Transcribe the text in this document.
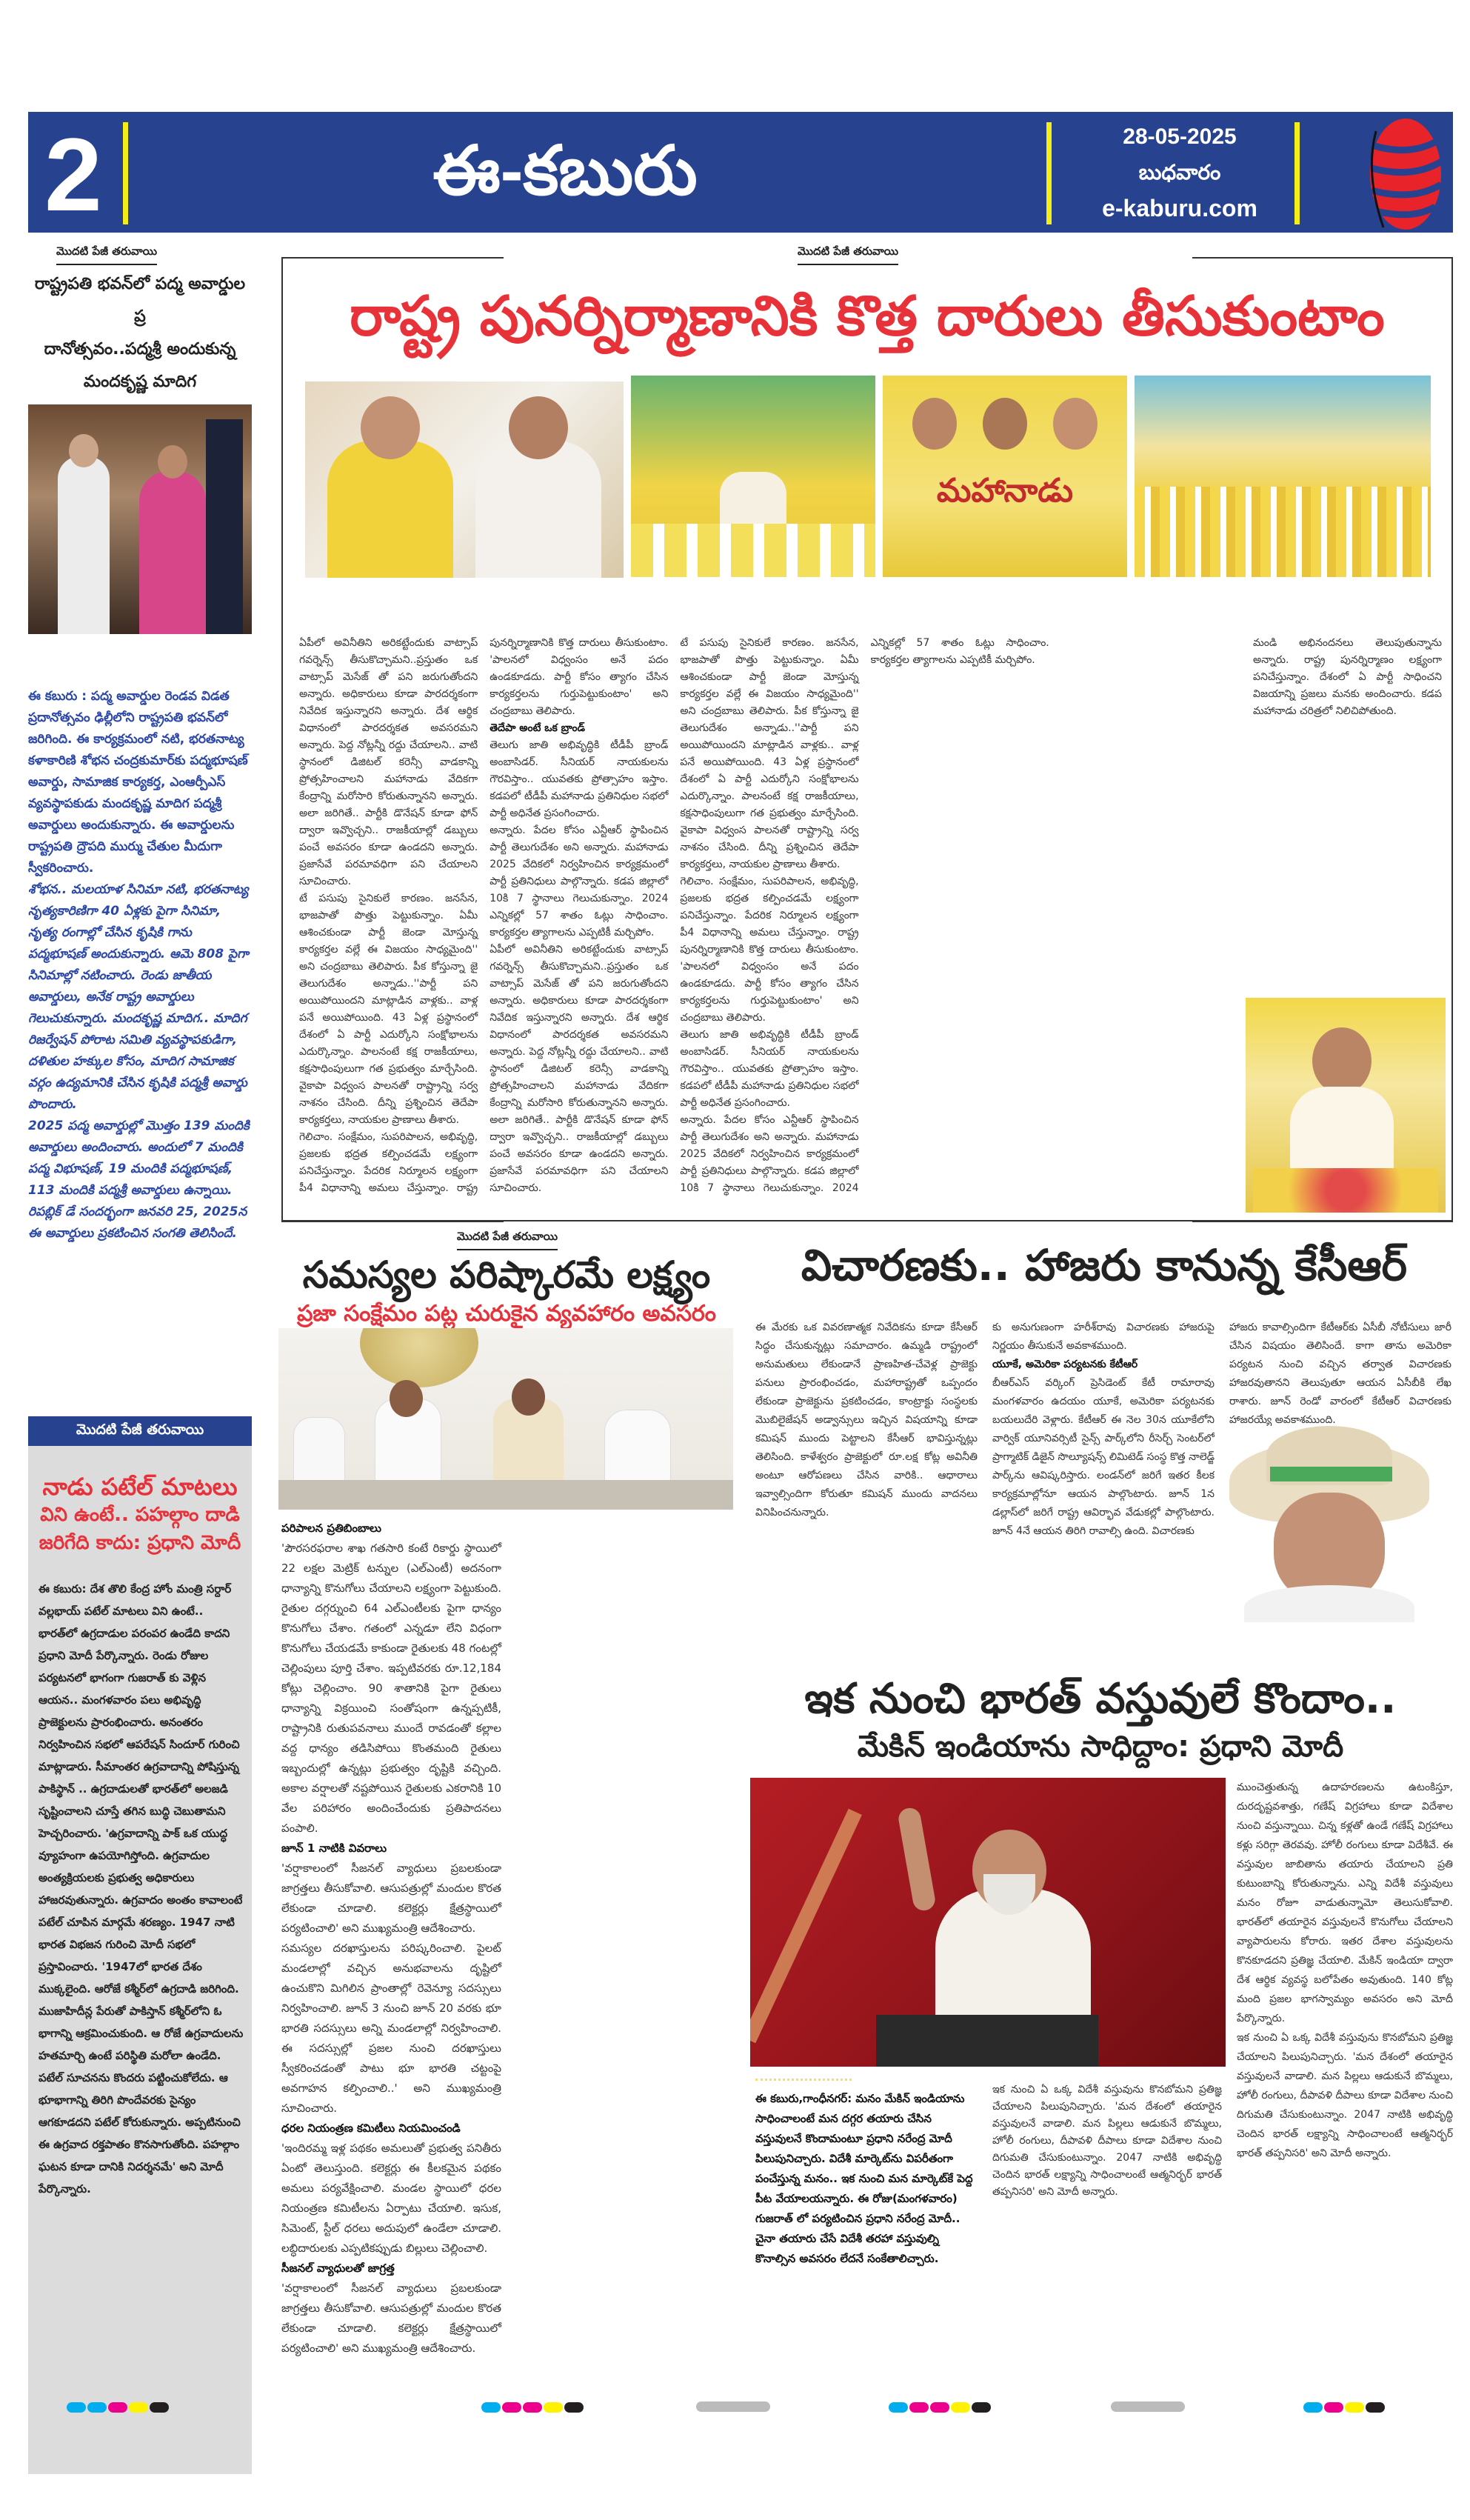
2	ఈ-కబురు	28-05-2025
బుధవారం
e-kaburu.com
మొదటి పేజీ తరువాయి
రాష్ట్రపతి భవన్‌లో పద్మ అవార్డుల ప్ర
దానోత్సవం..పద్మశ్రీ అందుకున్న
మందకృష్ణ మాదిగ

ఈ కబురు : పద్మ అవార్డుల రెండవ విడత ప్రదానోత్సవం ఢిల్లీలోని రాష్ట్రపతి భవన్‌లో జరిగింది. ఈ కార్యక్రమంలో నటి, భరతనాట్య కళాకారిణి శోభన చంద్రకుమార్‌కు పద్మభూషణ్ అవార్డు, సామాజిక కార్యకర్త, ఎంఆర్పీఎస్ వ్యవస్థాపకుడు మందకృష్ణ మాదిగ పద్మశ్రీ అవార్డులు అందుకున్నారు. ఈ అవార్డులను రాష్ట్రపతి ద్రౌపది ముర్ము చేతుల మీదుగా స్వీకరించారు.

శోభన.. మలయాళ సినిమా నటి, భరతనాట్య నృత్యకారిణిగా 40 ఏళ్లకు పైగా సినిమా, నృత్య రంగాల్లో చేసిన కృషికి గాను పద్మభూషణ్ అందుకున్నారు. ఆమె 808 పైగా సినిమాల్లో నటించారు. రెండు జాతీయ అవార్డులు, అనేక రాష్ట్ర అవార్డులు గెలుచుకున్నారు. మందకృష్ణ మాదిగ.. మాదిగ రిజర్వేషన్ పోరాట సమితి వ్యవస్థాపకుడిగా, దళితుల హక్కుల కోసం, మాదిగ సామాజిక వర్గం ఉద్యమానికి చేసిన కృషికి పద్మశ్రీ అవార్డు పొందారు.

2025 పద్మ అవార్డుల్లో మొత్తం 139 మందికి అవార్డులు అందించారు. అందులో 7 మందికి పద్మ విభూషణ్, 19 మందికి పద్మభూషణ్, 113 మందికి పద్మశ్రీ అవార్డులు ఉన్నాయి. రిపబ్లిక్ డే సందర్భంగా జనవరి 25, 2025న ఈ అవార్డులు ప్రకటించిన సంగతి తెలిసిందే.

మొదటి పేజీ తరువాయి
నాడు పటేల్ మాటలు
విని ఉంటే.. పహల్గాం దాడి
జరిగేది కాదు: ప్రధాని మోదీ
ఈ కబురు: దేశ తొలి కేంద్ర హోం మంత్రి సర్దార్ వల్లభాయ్ పటేల్ మాటలు విని ఉంటే.. భారత్‌లో ఉగ్రదాడుల పరంపర ఉండేది కాదని ప్రధాని మోదీ పేర్కొన్నారు. రెండు రోజుల పర్యటనలో భాగంగా గుజరాత్ కు వెళ్లిన ఆయన.. మంగళవారం పలు అభివృద్ధి ప్రాజెక్టులను ప్రారంభించారు. అనంతరం నిర్వహించిన సభలో ఆపరేషన్ సిందూర్ గురించి మాట్లాడారు. సీమాంతర ఉగ్రవాదాన్ని పోషిస్తున్న పాకిస్థాన్ .. ఉగ్రదాడులతో భారత్‌లో అలజడి సృష్టించాలని చూస్తే తగిన బుద్ధి చెబుతామని హెచ్చరించారు. 'ఉగ్రవాదాన్ని పాక్ ఒక యుద్ధ వ్యూహంగా ఉపయోగిస్తోంది. ఉగ్రవాదుల అంత్యక్రియలకు ప్రభుత్వ అధికారులు హాజరవుతున్నారు. ఉగ్రవాదం అంతం కావాలంటే పటేల్ చూపిన మార్గమే శరణ్యం. 1947 నాటి భారత విభజన గురించి మోదీ సభలో ప్రస్తావించారు. '1947లో భారత దేశం ముక్కలైంది. ఆరోజే కశ్మీర్‌లో ఉగ్రదాడి జరిగింది. ముజాహిదీన్ల పేరుతో పాకిస్తాన్ కశ్మీర్‌లోని ఓ భాగాన్ని ఆక్రమించుకుంది. ఆ రోజే ఉగ్రవాదులను హతమార్చి ఉంటే పరిస్థితి మరోలా ఉండేది. పటేల్ సూచనను కొందరు పట్టించుకోలేదు. ఆ భూభాగాన్ని తిరిగి పొందేవరకు సైన్యం ఆగకూడదని పటేల్ కోరుకున్నారు. అప్పటినుంచి ఈ ఉగ్రవాద రక్తపాతం కొనసాగుతోంది. పహల్గాం ఘటన కూడా దానికి నిదర్శనమే' అని మోదీ పేర్కొన్నారు.
మొదటి పేజీ తరువాయి
రాష్ట్ర పునర్నిర్మాణానికి కొత్త దారులు తీసుకుంటాం
మహానాడు

ఏపీలో అవినీతిని అరికట్టేందుకు వాట్సాప్ గవర్నెన్స్ తీసుకొచ్చామని..ప్రస్తుతం ఒక వాట్సాప్ మెసేజ్ తో పని జరుగుతోందని అన్నారు. అధికారులు కూడా పారదర్శకంగా నివేదిక ఇస్తున్నారని అన్నారు. దేశ ఆర్థిక విధానంలో పారదర్శకత అవసరమని అన్నారు. పెద్ద నోట్లన్నీ రద్దు చేయాలని.. వాటి స్థానంలో డిజిటల్ కరెన్సీ వాడకాన్ని ప్రోత్సహించాలని మహానాడు వేదికగా కేంద్రాన్ని మరోసారి కోరుతున్నానని అన్నారు. అలా జరిగితే.. పార్టీకి డొనేషన్ కూడా ఫోన్ ద్వారా ఇవ్వొచ్చని.. రాజకీయాల్లో డబ్బులు పంచే అవసరం కూడా ఉండదని అన్నారు. ప్రజాసేవే పరమావధిగా పని చేయాలని సూచించారు.

టే పసుపు సైనికులే కారణం. జనసేన, భాజపాతో పొత్తు పెట్టుకున్నాం. ఏమీ ఆశించకుండా పార్టీ జెండా మోస్తున్న కార్యకర్తల వల్లే ఈ విజయం సాధ్యమైంది'' అని చంద్రబాబు తెలిపారు. పీక కోస్తున్నా జై తెలుగుదేశం అన్నాడు..''పార్టీ పని అయిపోయిందని మాట్లాడిన వాళ్లకు.. వాళ్ల పనే అయిపోయింది. 43 ఏళ్ల ప్రస్థానంలో దేశంలో ఏ పార్టీ ఎదుర్కోని సంక్షోభాలను ఎదుర్కొన్నాం. పాలనంటే కక్ష రాజకీయాలు, కక్షసాధింపులుగా గత ప్రభుత్వం మార్చేసింది. వైకాపా విధ్వంస పాలనతో రాష్ట్రాన్ని సర్వ నాశనం చేసింది. దీన్ని ప్రశ్నించిన తెదేపా కార్యకర్తలు, నాయకుల ప్రాణాలు తీశారు.

గెలిచాం. సంక్షేమం, సుపరిపాలన, అభివృద్ధి, ప్రజలకు భద్రత కల్పించడమే లక్ష్యంగా పనిచేస్తున్నాం. పేదరిక నిర్మూలన లక్ష్యంగా పీ4 విధానాన్ని అమలు చేస్తున్నాం. రాష్ట్ర పునర్నిర్మాణానికి కొత్త దారులు తీసుకుంటాం. 'పాలనలో విధ్వంసం అనే పదం ఉండకూడదు. పార్టీ కోసం త్యాగం చేసిన కార్యకర్తలను గుర్తుపెట్టుకుంటాం' అని చంద్రబాబు తెలిపారు.

తెదేపా అంటే ఒక బ్రాండ్

తెలుగు జాతి అభివృద్ధికి టీడీపీ బ్రాండ్ అంబాసిడర్. సీనియర్ నాయకులను గౌరవిస్తాం.. యువతకు ప్రోత్సాహం ఇస్తాం. కడపలో టీడీపీ మహానాడు ప్రతినిధుల సభలో పార్టీ అధినేత ప్రసంగించారు.

అన్నారు. పేదల కోసం ఎన్టీఆర్ స్థాపించిన పార్టీ తెలుగుదేశం అని అన్నారు. మహానాడు 2025 వేదికలో నిర్వహించిన కార్యక్రమంలో పార్టీ ప్రతినిధులు పాల్గొన్నారు. కడప జిల్లాలో 10కి 7 స్థానాలు గెలుచుకున్నాం. 2024 ఎన్నికల్లో 57 శాతం ఓట్లు సాధించాం. కార్యకర్తల త్యాగాలను ఎప్పటికీ మర్చిపోం.

ఏపీలో అవినీతిని అరికట్టేందుకు వాట్సాప్ గవర్నెన్స్ తీసుకొచ్చామని..ప్రస్తుతం ఒక వాట్సాప్ మెసేజ్ తో పని జరుగుతోందని అన్నారు. అధికారులు కూడా పారదర్శకంగా నివేదిక ఇస్తున్నారని అన్నారు. దేశ ఆర్థిక విధానంలో పారదర్శకత అవసరమని అన్నారు. పెద్ద నోట్లన్నీ రద్దు చేయాలని.. వాటి స్థానంలో డిజిటల్ కరెన్సీ వాడకాన్ని ప్రోత్సహించాలని మహానాడు వేదికగా కేంద్రాన్ని మరోసారి కోరుతున్నానని అన్నారు. అలా జరిగితే.. పార్టీకి డొనేషన్ కూడా ఫోన్ ద్వారా ఇవ్వొచ్చని.. రాజకీయాల్లో డబ్బులు పంచే అవసరం కూడా ఉండదని అన్నారు. ప్రజాసేవే పరమావధిగా పని చేయాలని సూచించారు.

టే పసుపు సైనికులే కారణం. జనసేన, భాజపాతో పొత్తు పెట్టుకున్నాం. ఏమీ ఆశించకుండా పార్టీ జెండా మోస్తున్న కార్యకర్తల వల్లే ఈ విజయం సాధ్యమైంది'' అని చంద్రబాబు తెలిపారు. పీక కోస్తున్నా జై తెలుగుదేశం అన్నాడు..''పార్టీ పని అయిపోయిందని మాట్లాడిన వాళ్లకు.. వాళ్ల పనే అయిపోయింది. 43 ఏళ్ల ప్రస్థానంలో దేశంలో ఏ పార్టీ ఎదుర్కోని సంక్షోభాలను ఎదుర్కొన్నాం. పాలనంటే కక్ష రాజకీయాలు, కక్షసాధింపులుగా గత ప్రభుత్వం మార్చేసింది. వైకాపా విధ్వంస పాలనతో రాష్ట్రాన్ని సర్వ నాశనం చేసింది. దీన్ని ప్రశ్నించిన తెదేపా కార్యకర్తలు, నాయకుల ప్రాణాలు తీశారు.

గెలిచాం. సంక్షేమం, సుపరిపాలన, అభివృద్ధి, ప్రజలకు భద్రత కల్పించడమే లక్ష్యంగా పనిచేస్తున్నాం. పేదరిక నిర్మూలన లక్ష్యంగా పీ4 విధానాన్ని అమలు చేస్తున్నాం. రాష్ట్ర పునర్నిర్మాణానికి కొత్త దారులు తీసుకుంటాం. 'పాలనలో విధ్వంసం అనే పదం ఉండకూడదు. పార్టీ కోసం త్యాగం చేసిన కార్యకర్తలను గుర్తుపెట్టుకుంటాం' అని చంద్రబాబు తెలిపారు.

తెలుగు జాతి అభివృద్ధికి టీడీపీ బ్రాండ్ అంబాసిడర్. సీనియర్ నాయకులను గౌరవిస్తాం.. యువతకు ప్రోత్సాహం ఇస్తాం. కడపలో టీడీపీ మహానాడు ప్రతినిధుల సభలో పార్టీ అధినేత ప్రసంగించారు.

అన్నారు. పేదల కోసం ఎన్టీఆర్ స్థాపించిన పార్టీ తెలుగుదేశం అని అన్నారు. మహానాడు 2025 వేదికలో నిర్వహించిన కార్యక్రమంలో పార్టీ ప్రతినిధులు పాల్గొన్నారు. కడప జిల్లాలో 10కి 7 స్థానాలు గెలుచుకున్నాం. 2024 ఎన్నికల్లో 57 శాతం ఓట్లు సాధించాం. కార్యకర్తల త్యాగాలను ఎప్పటికీ మర్చిపోం.

మండి అభినందనలు తెలుపుతున్నాను అన్నారు. రాష్ట్ర పునర్నిర్మాణం లక్ష్యంగా పనిచేస్తున్నాం. దేశంలో ఏ పార్టీ సాధించని విజయాన్ని ప్రజలు మనకు అందించారు. కడప మహానాడు చరిత్రలో నిలిచిపోతుంది.
మొదటి పేజీ తరువాయి
సమస్యల పరిష్కారమే లక్ష్యం
ప్రజా సంక్షేమం పట్ల చురుకైన వ్యవహారం అవసరం

పరిపాలన ప్రతిబింబాలు

'పౌరసరఫరాల శాఖ గతసారి కంటే రికార్డు స్థాయిలో 22 లక్షల మెట్రిక్ టన్నుల (ఎల్ఎంటీ) అదనంగా ధాన్యాన్ని కొనుగోలు చేయాలని లక్ష్యంగా పెట్టుకుంది. రైతుల దగ్గర్నుంచి 64 ఎల్ఎంటీలకు పైగా ధాన్యం కొనుగోలు చేశాం. గతంలో ఎన్నడూ లేని విధంగా కొనుగోలు చేయడమే కాకుండా రైతులకు 48 గంటల్లో చెల్లింపులు పూర్తి చేశాం. ఇప్పటివరకు రూ.12,184 కోట్లు చెల్లించాం. 90 శాతానికి పైగా రైతులు ధాన్యాన్ని విక్రయించి సంతోషంగా ఉన్నప్పటికీ, రాష్ట్రానికి రుతుపవనాలు ముందే రావడంతో కల్లాల వద్ద ధాన్యం తడిసిపోయి కొంతమంది రైతులు ఇబ్బందుల్లో ఉన్నట్లు ప్రభుత్వం దృష్టికి వచ్చింది. అకాల వర్షాలతో నష్టపోయిన రైతులకు ఎకరానికి 10 వేల పరిహారం అందించేందుకు ప్రతిపాదనలు పంపాలి.

జూన్ 1 నాటికి వివరాలు

'వర్షాకాలంలో సీజనల్ వ్యాధులు ప్రబలకుండా జాగ్రత్తలు తీసుకోవాలి. ఆసుపత్రుల్లో మందుల కొరత లేకుండా చూడాలి. కలెక్టర్లు క్షేత్రస్థాయిలో పర్యటించాలి' అని ముఖ్యమంత్రి ఆదేశించారు.

సమస్యల దరఖాస్తులను పరిష్కరించాలి. పైలట్ మండలాల్లో వచ్చిన అనుభవాలను దృష్టిలో ఉంచుకొని మిగిలిన ప్రాంతాల్లో రెవెన్యూ సదస్సులు నిర్వహించాలి. జూన్ 3 నుంచి జూన్ 20 వరకు భూ భారతి సదస్సులు అన్ని మండలాల్లో నిర్వహించాలి. ఈ సదస్సుల్లో ప్రజల నుంచి దరఖాస్తులు స్వీకరించడంతో పాటు భూ భారతి చట్టంపై అవగాహన కల్పించాలి..' అని ముఖ్యమంత్రి సూచించారు.

ధరల నియంత్రణ కమిటీలు నియమించండి

'ఇందిరమ్మ ఇళ్ల పథకం అమలుతో ప్రభుత్వ పనితీరు ఏంటో తెలుస్తుంది. కలెక్టర్లు ఈ కీలకమైన పథకం అమలు పర్యవేక్షించాలి. మండల స్థాయిలో ధరల నియంత్రణ కమిటీలను ఏర్పాటు చేయాలి. ఇసుక, సిమెంట్, స్టీల్ ధరలు అదుపులో ఉండేలా చూడాలి. లబ్ధిదారులకు ఎప్పటికప్పుడు బిల్లులు చెల్లించాలి.

సీజనల్ వ్యాధులతో జాగ్రత్త

'వర్షాకాలంలో సీజనల్ వ్యాధులు ప్రబలకుండా జాగ్రత్తలు తీసుకోవాలి. ఆసుపత్రుల్లో మందుల కొరత లేకుండా చూడాలి. కలెక్టర్లు క్షేత్రస్థాయిలో పర్యటించాలి' అని ముఖ్యమంత్రి ఆదేశించారు.

విచారణకు.. హాజరు కానున్న కేసీఆర్
ఈ మేరకు ఒక వివరణాత్మక నివేదికను కూడా కేసీఆర్ సిద్ధం చేసుకున్నట్లు సమాచారం. ఉమ్మడి రాష్ట్రంలో అనుమతులు లేకుండానే ప్రాణహిత-చేవెళ్ల ప్రాజెక్టు పనులు ప్రారంభించడం, మహారాష్ట్రతో ఒప్పందం లేకుండా ప్రాజెక్టును ప్రకటించడం, కాంట్రాక్టు సంస్థలకు మొబిలైజేషన్ అడ్వాన్సులు ఇచ్చిన విషయాన్ని కూడా కమిషన్ ముందు పెట్టాలని కేసీఆర్ భావిస్తున్నట్లు తెలిసింది. కాళేశ్వరం ప్రాజెక్టులో రూ.లక్ష కోట్ల అవినీతి అంటూ ఆరోపణలు చేసిన వారికి.. ఆధారాలు ఇవ్వాల్సిందిగా కోరుతూ కమిషన్ ముందు వాదనలు వినిపించనున్నారు.

కు అనుగుణంగా హరీశ్‌రావు విచారణకు హాజరుపై నిర్ణయం తీసుకునే అవకాశముంది.

యూకే, అమెరికా పర్యటనకు కేటీఆర్

బీఆర్ఎస్ వర్కింగ్ ప్రెసిడెంట్ కేటీ రామారావు మంగళవారం ఉదయం యూకే, అమెరికా పర్యటనకు బయలుదేరి వెళ్లారు. కేటీఆర్ ఈ నెల 30న యూకేలోని వార్విక్ యూనివర్సిటీ సైన్స్ పార్క్‌లోని రీసెర్చ్ సెంటర్‌లో ప్రాగ్మాటిక్ డిజైన్ సొల్యూషన్స్ లిమిటెడ్ సంస్థ కొత్త నాలెడ్జ్ పార్క్‌ను ఆవిష్కరిస్తారు. లండన్‌లో జరిగే ఇతర కీలక కార్యక్రమాల్లోనూ ఆయన పాల్గొంటారు. జూన్ 1న డల్లాస్‌లో జరిగే రాష్ట్ర ఆవిర్భావ వేడుకల్లో పాల్గొంటారు. జూన్ 4నే ఆయన తిరిగి రావాల్సి ఉంది. విచారణకు

హాజరు కావాల్సిందిగా కేటీఆర్‌కు ఏసీబీ నోటీసులు జారీ చేసిన విషయం తెలిసిందే. కాగా తాను అమెరికా పర్యటన నుంచి వచ్చిన తర్వాత విచారణకు హాజరవుతానని తెలుపుతూ ఆయన ఏసీబీకి లేఖ రాశారు. జూన్ రెండో వారంలో కేటీఆర్ విచారణకు హాజరయ్యే అవకాశముంది.
ఇక నుంచి భారత్ వస్తువులే కొందాం..
మేకిన్ ఇండియాను సాధిద్దాం: ప్రధాని మోదీ
ఈ కబురు,గాంధీనగర్: మనం మేకిన్ ఇండియాను సాధించాలంటే మన దగ్గర తయారు చేసిన వస్తువులనే కొందామంటూ ప్రధాని నరేంద్ర మోదీ పిలుపునిచ్చారు. విదేశీ మార్కెట్‌ను విపరీతంగా పంచేస్తున్న మనం.. ఇక నుంచి మన మార్కెట్‌కే పెద్ద పీట వేయాలయన్నారు. ఈ రోజు(మంగళవారం) గుజరాత్ లో పర్యటించిన ప్రధాని నరేంద్ర మోదీ.. చైనా తయారు చేసే విదేశీ తరహా వస్తువుల్ని కొనాల్సిన అవసరం లేదనే సంకేతాలిచ్చారు.
ఇక నుంచి ఏ ఒక్క విదేశీ వస్తువును కొనబోమని ప్రతిజ్ఞ చేయాలని పిలుపునిచ్చారు. 'మన దేశంలో తయారైన వస్తువులనే వాడాలి. మన పిల్లలు ఆడుకునే బొమ్మలు, హోలీ రంగులు, దీపావళి దీపాలు కూడా విదేశాల నుంచి దిగుమతి చేసుకుంటున్నాం. 2047 నాటికి అభివృద్ధి చెందిన భారత్ లక్ష్యాన్ని సాధించాలంటే ఆత్మనిర్భర్ భారత్ తప్పనిసరి' అని మోదీ అన్నారు.

ముంచెత్తుతున్న ఉదాహరణలను ఉటంకిస్తూ, దురదృష్టవశాత్తు, గణేష్ విగ్రహాలు కూడా విదేశాల నుంచి వస్తున్నాయి. చిన్న కళ్లతో ఉండే గణేష్ విగ్రహాలు కళ్లు సరిగ్గా తెరవవు. హోలీ రంగులు కూడా విదేశీవే. ఈ వస్తువుల జాబితాను తయారు చేయాలని ప్రతి కుటుంబాన్ని కోరుతున్నాను. ఎన్ని విదేశీ వస్తువులు మనం రోజూ వాడుతున్నామో తెలుసుకోవాలి. భారత్‌లో తయారైన వస్తువులనే కొనుగోలు చేయాలని వ్యాపారులను కోరారు. ఇతర దేశాల వస్తువులను కొనకూడదని ప్రతిజ్ఞ చేయాలి. మేకిన్ ఇండియా ద్వారా దేశ ఆర్థిక వ్యవస్థ బలోపేతం అవుతుంది. 140 కోట్ల మంది ప్రజల భాగస్వామ్యం అవసరం అని మోదీ పేర్కొన్నారు.

ఇక నుంచి ఏ ఒక్క విదేశీ వస్తువును కొనబోమని ప్రతిజ్ఞ చేయాలని పిలుపునిచ్చారు. 'మన దేశంలో తయారైన వస్తువులనే వాడాలి. మన పిల్లలు ఆడుకునే బొమ్మలు, హోలీ రంగులు, దీపావళి దీపాలు కూడా విదేశాల నుంచి దిగుమతి చేసుకుంటున్నాం. 2047 నాటికి అభివృద్ధి చెందిన భారత్ లక్ష్యాన్ని సాధించాలంటే ఆత్మనిర్భర్ భారత్ తప్పనిసరి' అని మోదీ అన్నారు.
